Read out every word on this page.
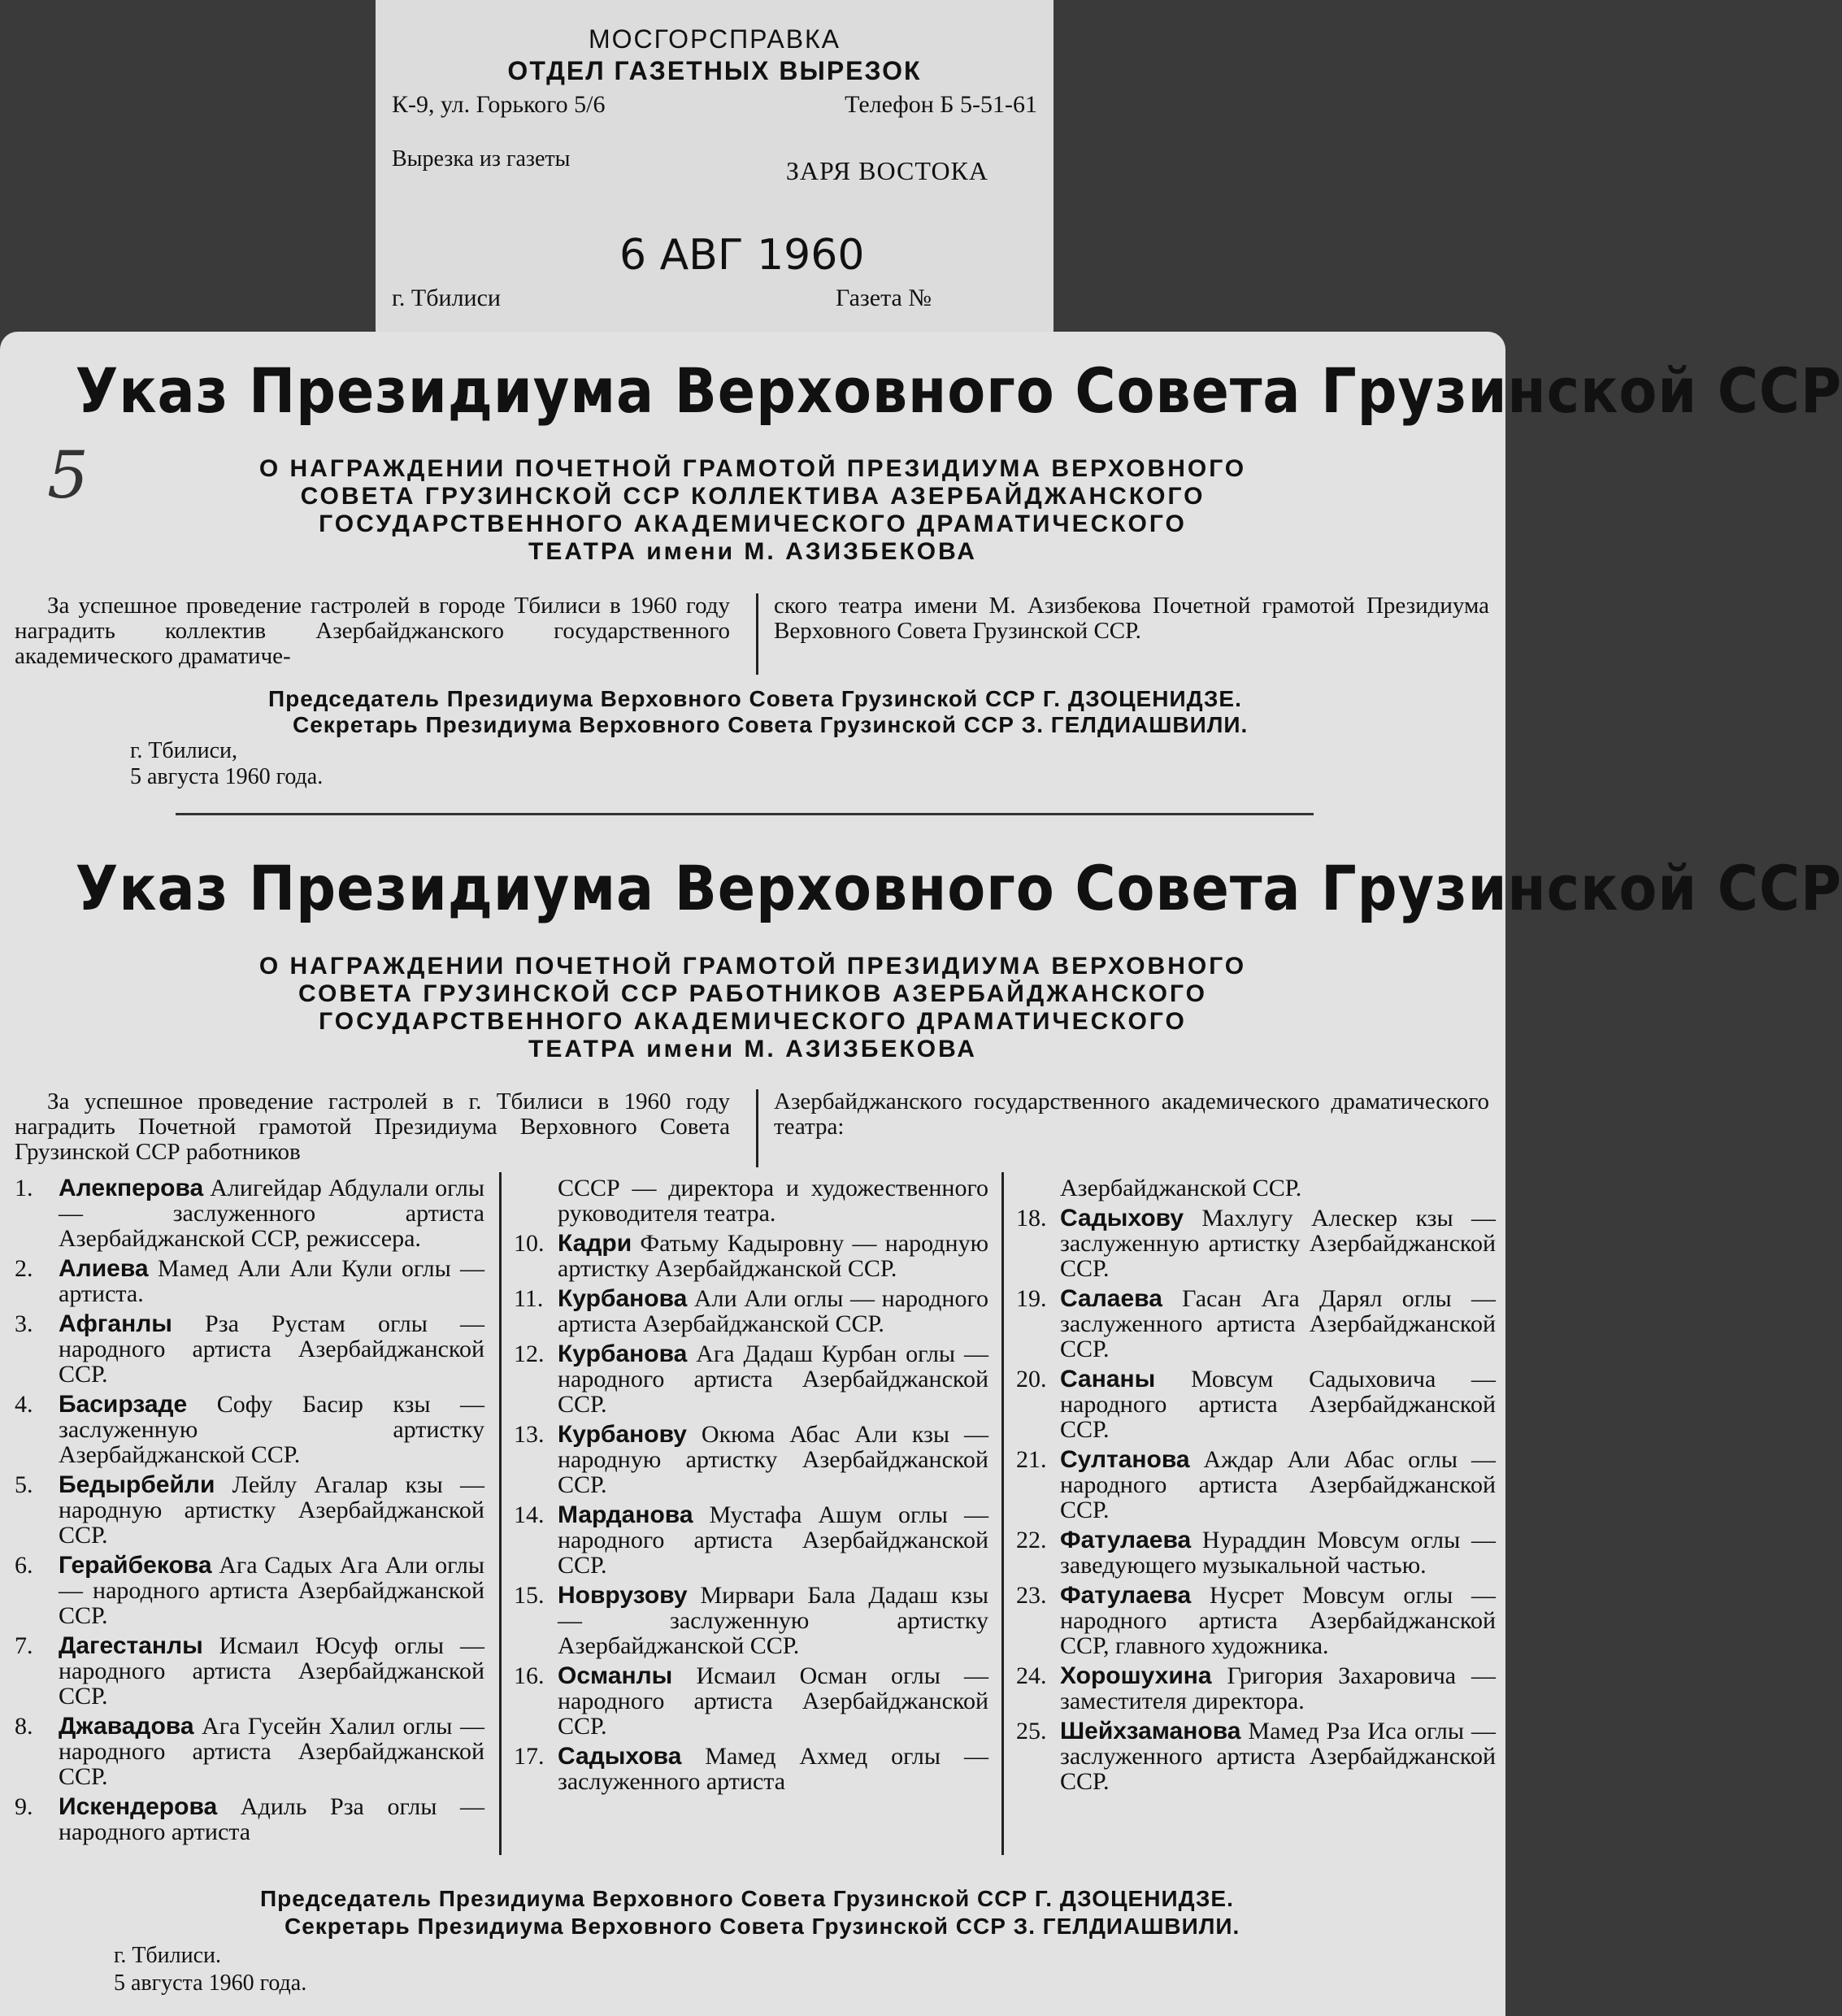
МОСГОРСПРАВКА
ОТДЕЛ ГАЗЕТНЫХ ВЫРЕЗОК
К-9, ул. Горького 5/6	Телефон Б 5-51-61
Вырезка из газеты	ЗАРЯ ВОСТОКА
6 АВГ 1960
г. Тбилиси	Газета №
5
Указ Президиума Верховного Совета Грузинской ССР
О НАГРАЖДЕНИИ ПОЧЕТНОЙ ГРАМОТОЙ ПРЕЗИДИУМА ВЕРХОВНОГО
СОВЕТА ГРУЗИНСКОЙ ССР КОЛЛЕКТИВА АЗЕРБАЙДЖАНСКОГО
ГОСУДАРСТВЕННОГО АКАДЕМИЧЕСКОГО ДРАМАТИЧЕСКОГО
ТЕАТРА имени М. АЗИЗБЕКОВА
За успешное проведение гастролей в городе Тбилиси в 1960 году наградить коллектив Азербайджанского государственного академического драматиче-
ского театра имени М. Азизбекова Почетной грамотой Президиума Верховного Совета Грузинской ССР.
Председатель Президиума Верховного Совета Грузинской ССР Г. ДЗОЦЕНИДЗЕ.
Секретарь Президиума Верховного Совета Грузинской ССР З. ГЕЛДИАШВИЛИ.
г. Тбилиси,
5 августа 1960 года.
Указ Президиума Верховного Совета Грузинской ССР
О НАГРАЖДЕНИИ ПОЧЕТНОЙ ГРАМОТОЙ ПРЕЗИДИУМА ВЕРХОВНОГО
СОВЕТА ГРУЗИНСКОЙ ССР РАБОТНИКОВ АЗЕРБАЙДЖАНСКОГО
ГОСУДАРСТВЕННОГО АКАДЕМИЧЕСКОГО ДРАМАТИЧЕСКОГО
ТЕАТРА имени М. АЗИЗБЕКОВА
За успешное проведение гастролей в г. Тбилиси в 1960 году наградить Почетной грамотой Президиума Верховного Совета Грузинской ССР работников
Азербайджанского государственного академического драматического театра:
1. Алекперова Алигейдар Абдулали оглы — заслуженного артиста Азербайджанской ССР, режиссера.
2. Алиева Мамед Али Али Кули оглы — артиста.
3. Афганлы Рза Рустам оглы — народного артиста Азербайджанской ССР.
4. Басирзаде Софу Басир кзы — заслуженную артистку Азербайджанской ССР.
5. Бедырбейли Лейлу Агалар кзы — народную артистку Азербайджанской ССР.
6. Герайбекова Ага Садых Ага Али оглы — народного артиста Азербайджанской ССР.
7. Дагестанлы Исмаил Юсуф оглы — народного артиста Азербайджанской ССР.
8. Джавадова Ага Гусейн Халил оглы — народного артиста Азербайджанской ССР.
9. Искендерова Адиль Рза оглы — народного артиста
СССР — директора и художественного руководителя театра.
10. Кадри Фатьму Кадыровну — народную артистку Азербайджанской ССР.
11. Курбанова Али Али оглы — народного артиста Азербайджанской ССР.
12. Курбанова Ага Дадаш Курбан оглы — народного артиста Азербайджанской ССР.
13. Курбанову Окюма Абас Али кзы — народную артистку Азербайджанской ССР.
14. Марданова Мустафа Ашум оглы — народного артиста Азербайджанской ССР.
15. Новрузову Мирвари Бала Дадаш кзы — заслуженную артистку Азербайджанской ССР.
16. Османлы Исмаил Осман оглы — народного артиста Азербайджанской ССР.
17. Садыхова Мамед Ахмед оглы — заслуженного артиста
Азербайджанской ССР.
18. Садыхову Махлугу Алескер кзы — заслуженную артистку Азербайджанской ССР.
19. Салаева Гасан Ага Дарял оглы — заслуженного артиста Азербайджанской ССР.
20. Сананы Мовсум Садыховича — народного артиста Азербайджанской ССР.
21. Султанова Аждар Али Абас оглы — народного артиста Азербайджанской ССР.
22. Фатулаева Нураддин Мовсум оглы — заведующего музыкальной частью.
23. Фатулаева Нусрет Мовсум оглы — народного артиста Азербайджанской ССР, главного художника.
24. Хорошухина Григория Захаровича — заместителя директора.
25. Шейхзаманова Мамед Рза Иса оглы — заслуженного артиста Азербайджанской ССР.
Председатель Президиума Верховного Совета Грузинской ССР Г. ДЗОЦЕНИДЗЕ.
Секретарь Президиума Верховного Совета Грузинской ССР З. ГЕЛДИАШВИЛИ.
г. Тбилиси.
5 августа 1960 года.
